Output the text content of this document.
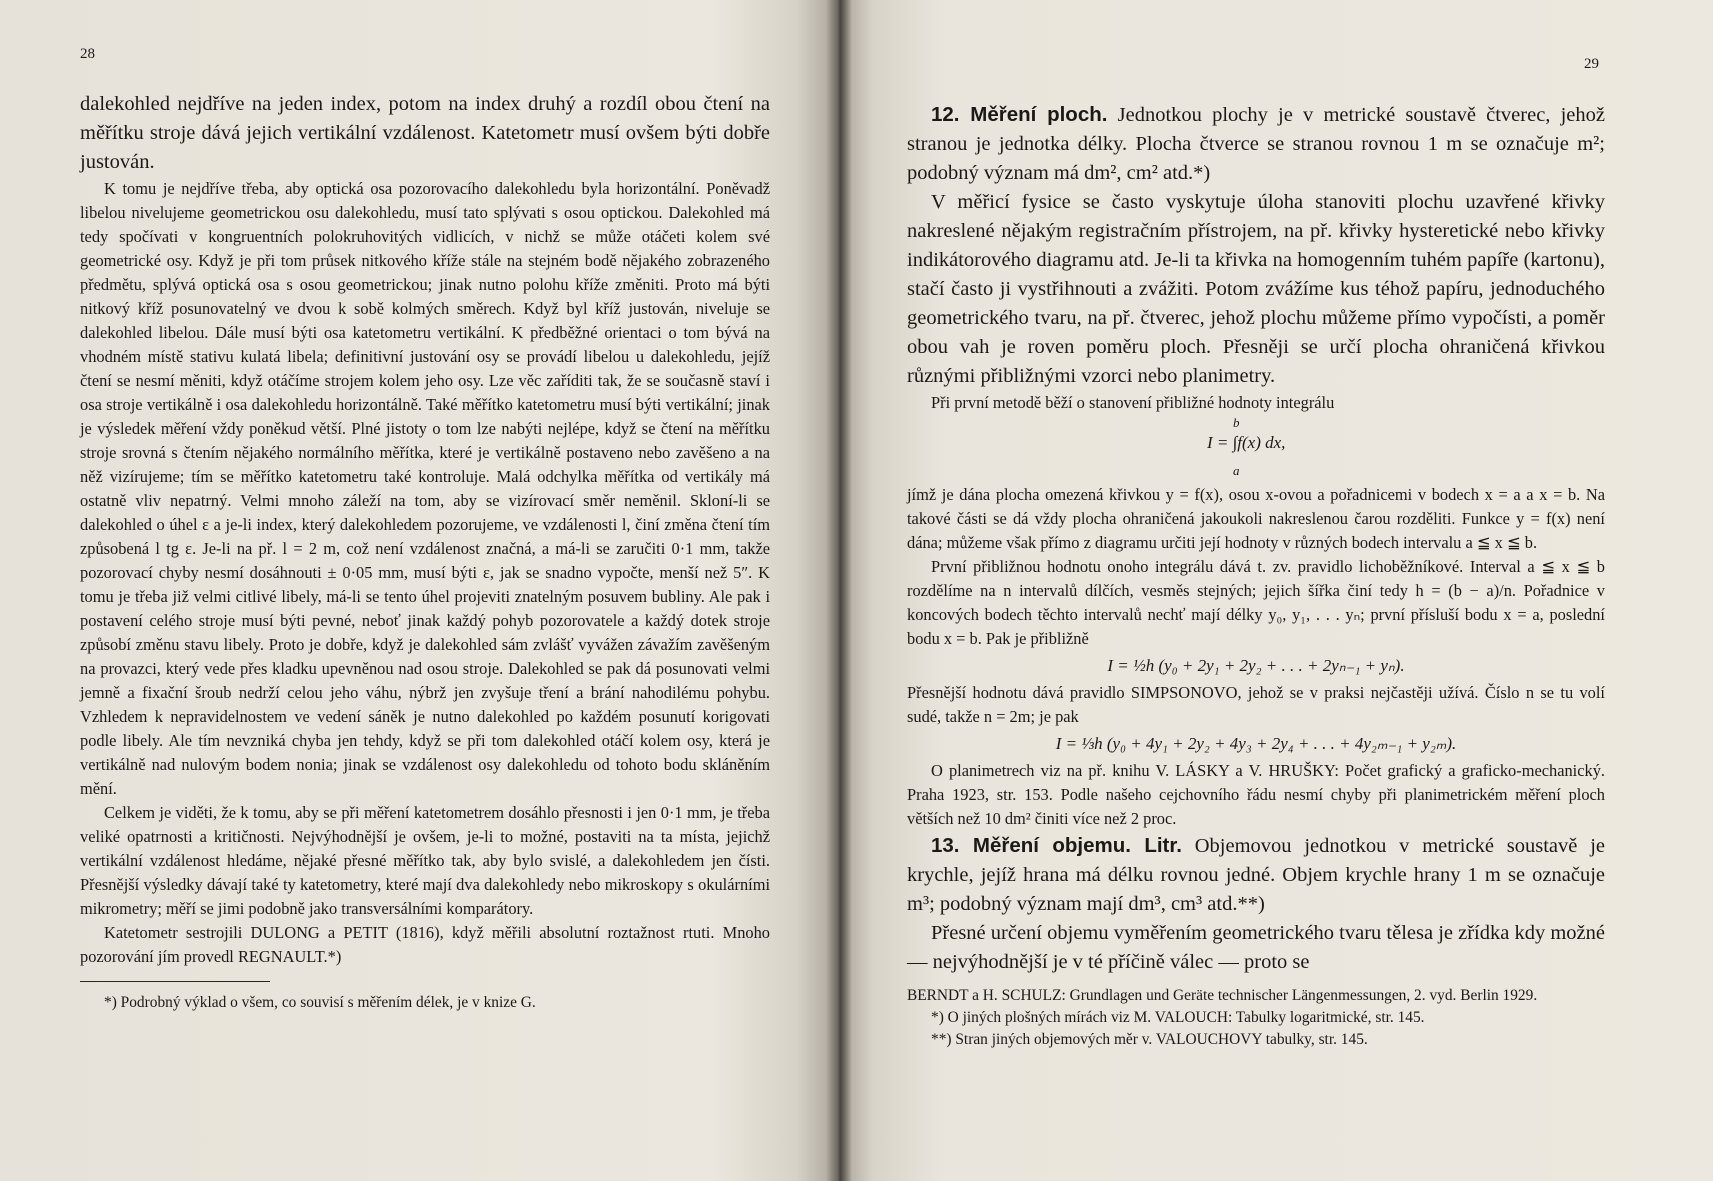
28

dalekohled nejdříve na jeden index, potom na index druhý a rozdíl obou čtení na měřítku stroje dává jejich vertikální vzdálenost. Katetometr musí ovšem býti dobře justován.

K tomu je nejdříve třeba, aby optická osa pozorovacího dalekohledu byla horizontální. Poněvadž libelou nivelujeme geometrickou osu dalekohledu, musí tato splývati s osou optickou. Dalekohled má tedy spočívati v kongruentních polokruhovitých vidlicích, v nichž se může otáčeti kolem své geometrické osy. Když je při tom průsek nitkového kříže stále na stejném bodě nějakého zobrazeného předmětu, splývá optická osa s osou geometrickou; jinak nutno polohu kříže změniti. Proto má býti nitkový kříž posunovatelný ve dvou k sobě kolmých směrech. Když byl kříž justován, niveluje se dalekohled libelou. Dále musí býti osa katetometru vertikální. K předběžné orientaci o tom bývá na vhodném místě stativu kulatá libela; definitivní justování osy se provádí libelou u dalekohledu, jejíž čtení se nesmí měniti, když otáčíme strojem kolem jeho osy. Lze věc zaříditi tak, že se současně staví i osa stroje vertikálně i osa dalekohledu horizontálně. Také měřítko katetometru musí býti vertikální; jinak je výsledek měření vždy poněkud větší. Plné jistoty o tom lze nabýti nejlépe, když se čtení na měřítku stroje srovná s čtením nějakého normálního měřítka, které je vertikálně postaveno nebo zavěšeno a na něž vizírujeme; tím se měřítko katetometru také kontroluje. Malá odchylka měřítka od vertikály má ostatně vliv nepatrný. Velmi mnoho záleží na tom, aby se vizírovací směr neměnil. Skloní-li se dalekohled o úhel ε a je-li index, který dalekohledem pozorujeme, ve vzdálenosti l, činí změna čtení tím způsobená l tg ε. Je-li na př. l = 2 m, což není vzdálenost značná, a má-li se zaručiti 0·1 mm, takže pozorovací chyby nesmí dosáhnouti ± 0·05 mm, musí býti ε, jak se snadno vypočte, menší než 5″. K tomu je třeba již velmi citlivé libely, má-li se tento úhel projeviti znatelným posuvem bubliny. Ale pak i postavení celého stroje musí býti pevné, neboť jinak každý pohyb pozorovatele a každý dotek stroje způsobí změnu stavu libely. Proto je dobře, když je dalekohled sám zvlášť vyvážen závažím zavěšeným na provazci, který vede přes kladku upevněnou nad osou stroje. Dalekohled se pak dá posunovati velmi jemně a fixační šroub nedrží celou jeho váhu, nýbrž jen zvyšuje tření a brání nahodilému pohybu. Vzhledem k nepravidelnostem ve vedení sáněk je nutno dalekohled po každém posunutí korigovati podle libely. Ale tím nevzniká chyba jen tehdy, když se při tom dalekohled otáčí kolem osy, která je vertikálně nad nulovým bodem nonia; jinak se vzdálenost osy dalekohledu od tohoto bodu skláněním mění.

Celkem je viděti, že k tomu, aby se při měření katetometrem dosáhlo přesnosti i jen 0·1 mm, je třeba veliké opatrnosti a kritičnosti. Nejvýhodnější je ovšem, je-li to možné, postaviti na ta místa, jejichž vertikální vzdálenost hledáme, nějaké přesné měřítko tak, aby bylo svislé, a dalekohledem jen čísti. Přesnější výsledky dávají také ty katetometry, které mají dva dalekohledy nebo mikroskopy s okulárními mikrometry; měří se jimi podobně jako transversálními komparátory.

Katetometr sestrojili DULONG a PETIT (1816), když měřili absolutní roztažnost rtuti. Mnoho pozorování jím provedl REGNAULT.*)

*) Podrobný výklad o všem, co souvisí s měřením délek, je v knize G.

29

12. Měření ploch. Jednotkou plochy je v metrické soustavě čtverec, jehož stranou je jednotka délky. Plocha čtverce se stranou rovnou 1 m se označuje m²; podobný význam má dm², cm² atd.*)

V měřicí fysice se často vyskytuje úloha stanoviti plochu uzavřené křivky nakreslené nějakým registračním přístrojem, na př. křivky hysteretické nebo křivky indikátorového diagramu atd. Je-li ta křivka na homogenním tuhém papíře (kartonu), stačí často ji vystřihnouti a zvážiti. Potom zvážíme kus téhož papíru, jednoduchého geometrického tvaru, na př. čtverec, jehož plochu můžeme přímo vypočísti, a poměr obou vah je roven poměru ploch. Přesněji se určí plocha ohraničená křivkou různými přibližnými vzorci nebo planimetry.

Při první metodě běží o stanovení přibližné hodnoty integrálu

b
I = ∫f(x) dx,
a

jímž je dána plocha omezená křivkou y = f(x), osou x-ovou a pořadnicemi v bodech x = a a x = b. Na takové části se dá vždy plocha ohraničená jakoukoli nakreslenou čarou rozděliti. Funkce y = f(x) není dána; můžeme však přímo z diagramu určiti její hodnoty v různých bodech intervalu a ≦ x ≦ b.

První přibližnou hodnotu onoho integrálu dává t. zv. pravidlo lichoběžníkové. Interval a ≦ x ≦ b rozdělíme na n intervalů dílčích, vesměs stejných; jejich šířka činí tedy h = (b − a)/n. Pořadnice v koncových bodech těchto intervalů nechť mají délky y₀, y₁, . . . yₙ; první přísluší bodu x = a, poslední bodu x = b. Pak je přibližně

I = ½h (y₀ + 2y₁ + 2y₂ + . . . + 2yₙ₋₁ + yₙ).

Přesnější hodnotu dává pravidlo SIMPSONOVO, jehož se v praksi nejčastěji užívá. Číslo n se tu volí sudé, takže n = 2m; je pak

I = ⅓h (y₀ + 4y₁ + 2y₂ + 4y₃ + 2y₄ + . . . + 4y₂ₘ₋₁ + y₂ₘ).

O planimetrech viz na př. knihu V. LÁSKY a V. HRUŠKY: Počet grafický a graficko-mechanický. Praha 1923, str. 153. Podle našeho cejchovního řádu nesmí chyby při planimetrickém měření ploch větších než 10 dm² činiti více než 2 proc.

13. Měření objemu. Litr. Objemovou jednotkou v metrické soustavě je krychle, jejíž hrana má délku rovnou jedné. Objem krychle hrany 1 m se označuje m³; podobný význam mají dm³, cm³ atd.**)

Přesné určení objemu vyměřením geometrického tvaru tělesa je zřídka kdy možné — nejvýhodnější je v té příčině válec — proto se

BERNDT a H. SCHULZ: Grundlagen und Geräte technischer Längenmessungen, 2. vyd. Berlin 1929.

*) O jiných plošných mírách viz M. VALOUCH: Tabulky logaritmické, str. 145.

**) Stran jiných objemových měr v. VALOUCHOVY tabulky, str. 145.
